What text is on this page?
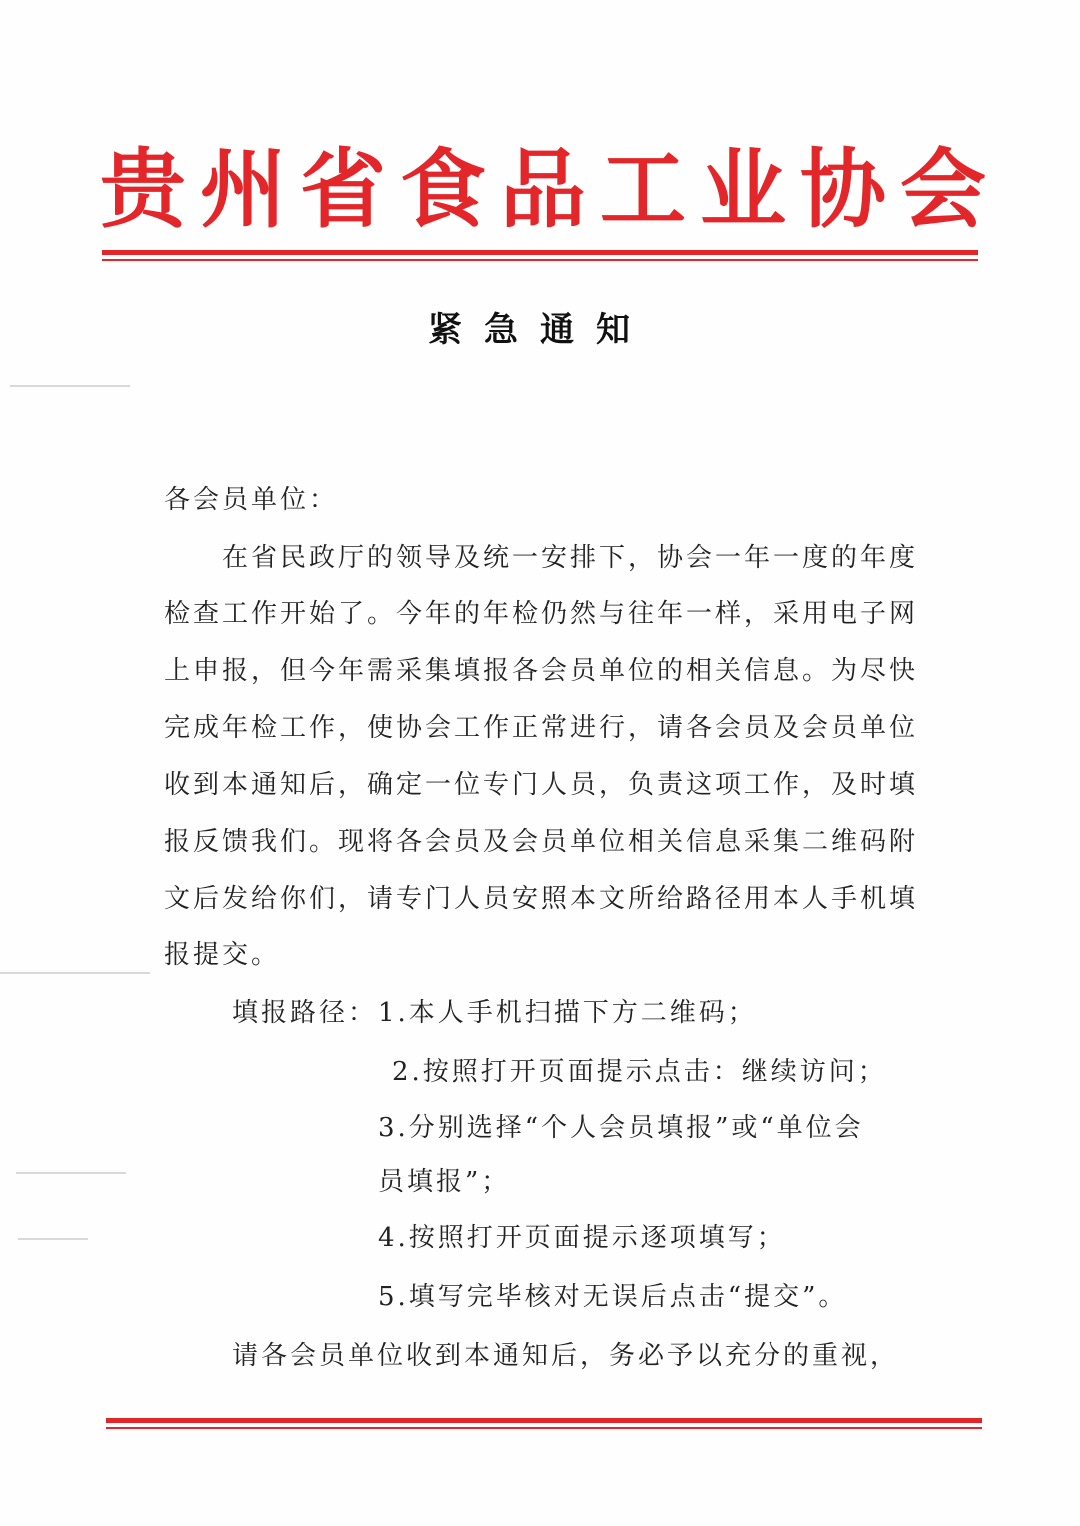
贵州省食品工业协会
紧急通知
各会员单位：
在省民政厅的领导及统一安排下，协会一年一度的年度
检查工作开始了。今年的年检仍然与往年一样，采用电子网
上申报，但今年需采集填报各会员单位的相关信息。为尽快
完成年检工作，使协会工作正常进行，请各会员及会员单位
收到本通知后，确定一位专门人员，负责这项工作，及时填
报反馈我们。现将各会员及会员单位相关信息采集二维码附
文后发给你们，请专门人员安照本文所给路径用本人手机填
报提交。
填报路径： 1.本人手机扫描下方二维码；
2.按照打开页面提示点击：继续访问；
3.分别选择“个人会员填报”或“单位会
员填报”；
4.按照打开页面提示逐项填写；
5.填写完毕核对无误后点击“提交”。
请各会员单位收到本通知后，务必予以充分的重视，
